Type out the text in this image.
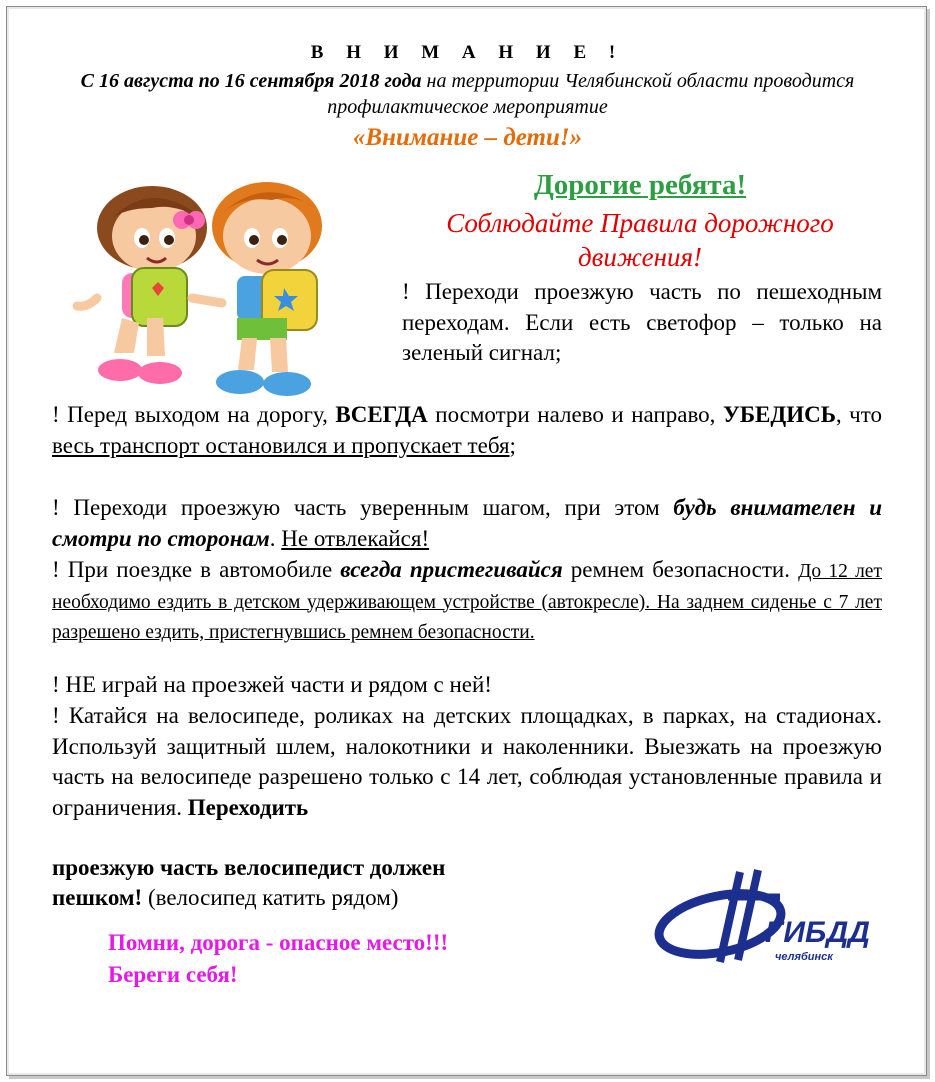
В Н И М А Н И Е !
С 16 августа по 16 сентября 2018 года на территории Челябинской области проводится профилактическое мероприятие
«Внимание – дети!»
Дорогие ребята!
Соблюдайте Правила дорожного движения!
! Переходи проезжую часть по пешеходным переходам. Если есть светофор – только на зеленый сигнал;
! Перед выходом на дорогу, ВСЕГДА посмотри налево и направо, УБЕДИСЬ, что весь транспорт остановился и пропускает тебя;
! Переходи проезжую часть уверенным шагом, при этом будь внимателен и смотри по сторонам. Не отвлекайся!
! При поездке в автомобиле всегда пристегивайся ремнем безопасности. До 12 лет необходимо ездить в детском удерживающем устройстве (автокресле). На заднем сиденье с 7 лет разрешено ездить, пристегнувшись ремнем безопасности.
! НЕ играй на проезжей части и рядом с ней!
! Катайся на велосипеде, роликах на детских площадках, в парках, на стадионах. Используй защитный шлем, налокотники и наколенники. Выезжать на проезжую часть на велосипеде разрешено только с 14 лет, соблюдая установленные правила и ограничения. Переходить
проезжую часть велосипедист должен
пешком! (велосипед катить рядом)
Помни, дорога - опасное место!!!
Береги себя!
ГИБДД
челябинск
